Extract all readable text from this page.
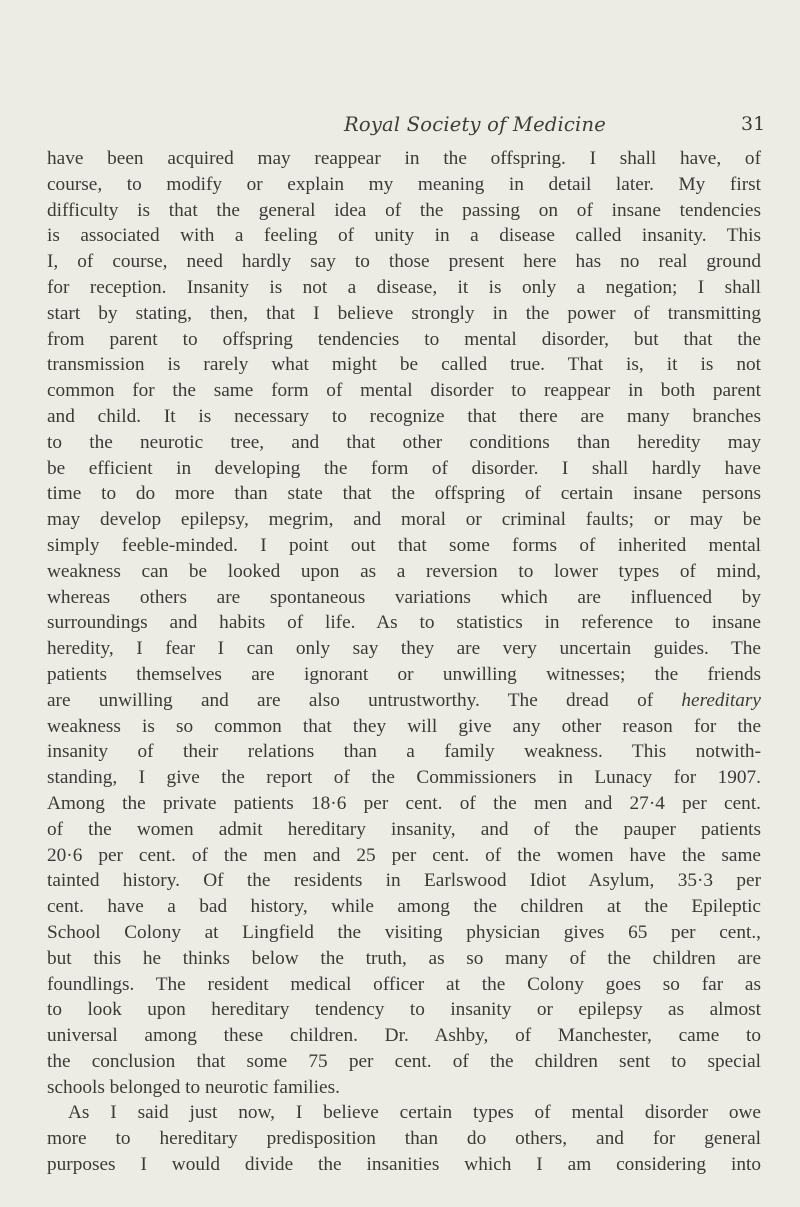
Royal Society of Medicine	31
have been acquired may reappear in the offspring. I shall have, of
course, to modify or explain my meaning in detail later. My first
difficulty is that the general idea of the passing on of insane tendencies
is associated with a feeling of unity in a disease called insanity. This
I, of course, need hardly say to those present here has no real ground
for reception. Insanity is not a disease, it is only a negation; I shall
start by stating, then, that I believe strongly in the power of transmitting
from parent to offspring tendencies to mental disorder, but that the
transmission is rarely what might be called true. That is, it is not
common for the same form of mental disorder to reappear in both parent
and child. It is necessary to recognize that there are many branches
to the neurotic tree, and that other conditions than heredity may
be efficient in developing the form of disorder. I shall hardly have
time to do more than state that the offspring of certain insane persons
may develop epilepsy, megrim, and moral or criminal faults; or may be
simply feeble-minded. I point out that some forms of inherited mental
weakness can be looked upon as a reversion to lower types of mind,
whereas others are spontaneous variations which are influenced by
surroundings and habits of life. As to statistics in reference to insane
heredity, I fear I can only say they are very uncertain guides. The
patients themselves are ignorant or unwilling witnesses; the friends
are unwilling and are also untrustworthy. The dread of hereditary
weakness is so common that they will give any other reason for the
insanity of their relations than a family weakness. This notwith-
standing, I give the report of the Commissioners in Lunacy for 1907.
Among the private patients 18·6 per cent. of the men and 27·4 per cent.
of the women admit hereditary insanity, and of the pauper patients
20·6 per cent. of the men and 25 per cent. of the women have the same
tainted history. Of the residents in Earlswood Idiot Asylum, 35·3 per
cent. have a bad history, while among the children at the Epileptic
School Colony at Lingfield the visiting physician gives 65 per cent.,
but this he thinks below the truth, as so many of the children are
foundlings. The resident medical officer at the Colony goes so far as
to look upon hereditary tendency to insanity or epilepsy as almost
universal among these children. Dr. Ashby, of Manchester, came to
the conclusion that some 75 per cent. of the children sent to special
schools belonged to neurotic families.
As I said just now, I believe certain types of mental disorder owe
more to hereditary predisposition than do others, and for general
purposes I would divide the insanities which I am considering into
